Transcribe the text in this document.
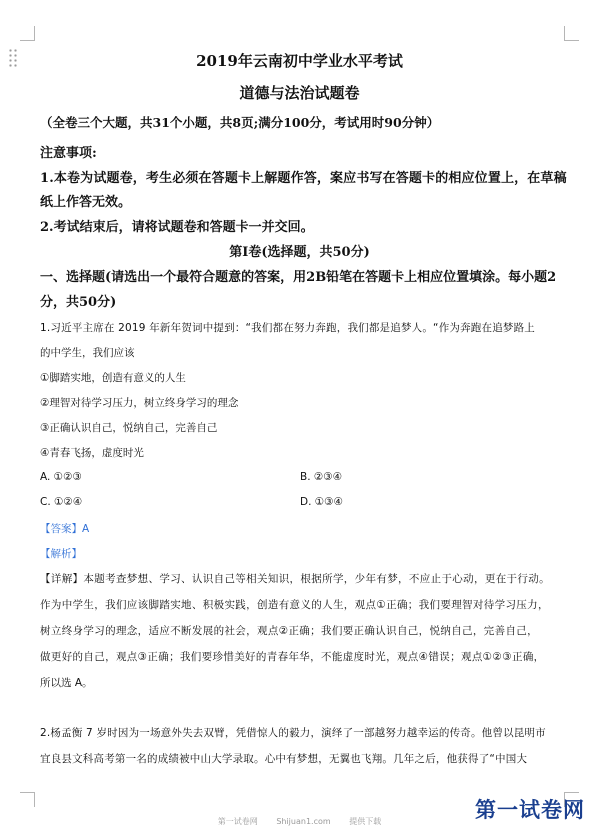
2019年云南初中学业水平考试
道德与法治试题卷
（全卷三个大题，共31个小题，共8页;满分100分，考试用时90分钟）
注意事项:
1.本卷为试题卷，考生必须在答题卡上解题作答，案应书写在答题卡的相应位置上，在草稿
纸上作答无效。
2.考试结束后，请将试题卷和答题卡一并交回。
第Ⅰ卷(选择题，共50分)
一、选择题(请选出一个最符合题意的答案，用2B铅笔在答题卡上相应位置填涂。每小题2
分，共50分)
1.习近平主席在 2019 年新年贺词中提到：“我们都在努力奔跑，我们都是追梦人。“作为奔跑在追梦路上
的中学生，我们应该
①脚踏实地，创造有意义的人生
②理智对待学习压力，树立终身学习的理念
③正确认识自己，悦纳自己，完善自己
④青春飞扬，虚度时光
A. ①②③	B. ②③④
C. ①②④	D. ①③④
【答案】A
【解析】
【详解】本题考查梦想、学习、认识自己等相关知识，根据所学，少年有梦，不应止于心动，更在于行动。
作为中学生，我们应该脚踏实地、积极实践，创造有意义的人生，观点①正确；我们要理智对待学习压力，
树立终身学习的理念，适应不断发展的社会，观点②正确；我们要正确认识自己，悦纳自己，完善自己，
做更好的自己，观点③正确；我们要珍惜美好的青春年华，不能虚度时光，观点④错误；观点①②③正确，
所以选 A。
2.杨孟衡 7 岁时因为一场意外失去双臂，凭借惊人的毅力，演绎了一部越努力越幸运的传奇。他曾以昆明市
宜良县文科高考第一名的成绩被中山大学录取。心中有梦想，无翼也飞翔。几年之后，他获得了“中国大
第一试卷网
第一试卷网 Shijuan1.com 提供下载
